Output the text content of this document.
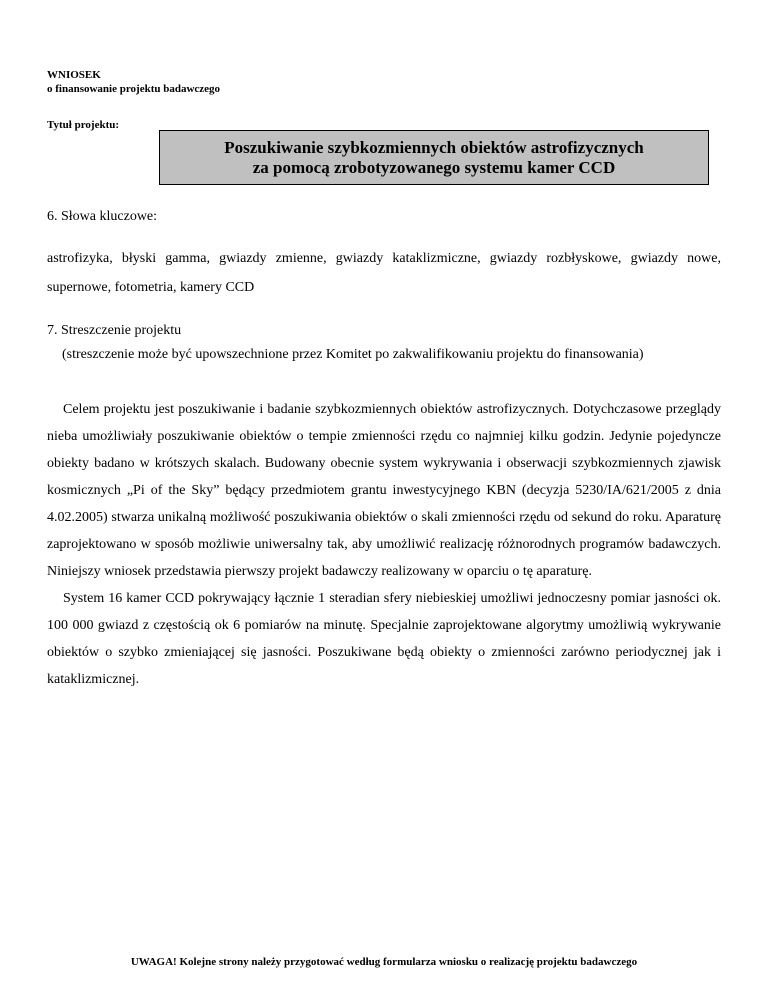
WNIOSEK
o finansowanie projektu badawczego
Tytuł projektu:
Poszukiwanie szybkozmiennych obiektów astrofizycznych
za pomocą zrobotyzowanego systemu kamer CCD
6. Słowa kluczowe:
astrofizyka, błyski gamma, gwiazdy zmienne, gwiazdy kataklizmiczne, gwiazdy rozbłyskowe, gwiazdy nowe, supernowe, fotometria, kamery CCD
7. Streszczenie projektu
(streszczenie może być upowszechnione przez Komitet po zakwalifikowaniu projektu do finansowania)

Celem projektu jest poszukiwanie i badanie szybkozmiennych obiektów astrofizycznych. Dotychczasowe przeglądy nieba umożliwiały poszukiwanie obiektów o tempie zmienności rzędu co najmniej kilku godzin. Jedynie pojedyncze obiekty badano w krótszych skalach. Budowany obecnie system wykrywania i obserwacji szybkozmiennych zjawisk kosmicznych „Pi of the Sky” będący przedmiotem grantu inwestycyjnego KBN (decyzja 5230/IA/621/2005 z dnia 4.02.2005) stwarza unikalną możliwość poszukiwania obiektów o skali zmienności rzędu od sekund do roku. Aparaturę zaprojektowano w sposób możliwie uniwersalny tak, aby umożliwić realizację różnorodnych programów badawczych. Niniejszy wniosek przedstawia pierwszy projekt badawczy realizowany w oparciu o tę aparaturę.

System 16 kamer CCD pokrywający łącznie 1 steradian sfery niebieskiej umożliwi jednoczesny pomiar jasności ok. 100 000 gwiazd z częstością ok 6 pomiarów na minutę. Specjalnie zaprojektowane algorytmy umożliwią wykrywanie obiektów o szybko zmieniającej się jasności. Poszukiwane będą obiekty o zmienności zarówno periodycznej jak i kataklizmicznej.

UWAGA! Kolejne strony należy przygotować według formularza wniosku o realizację projektu badawczego
